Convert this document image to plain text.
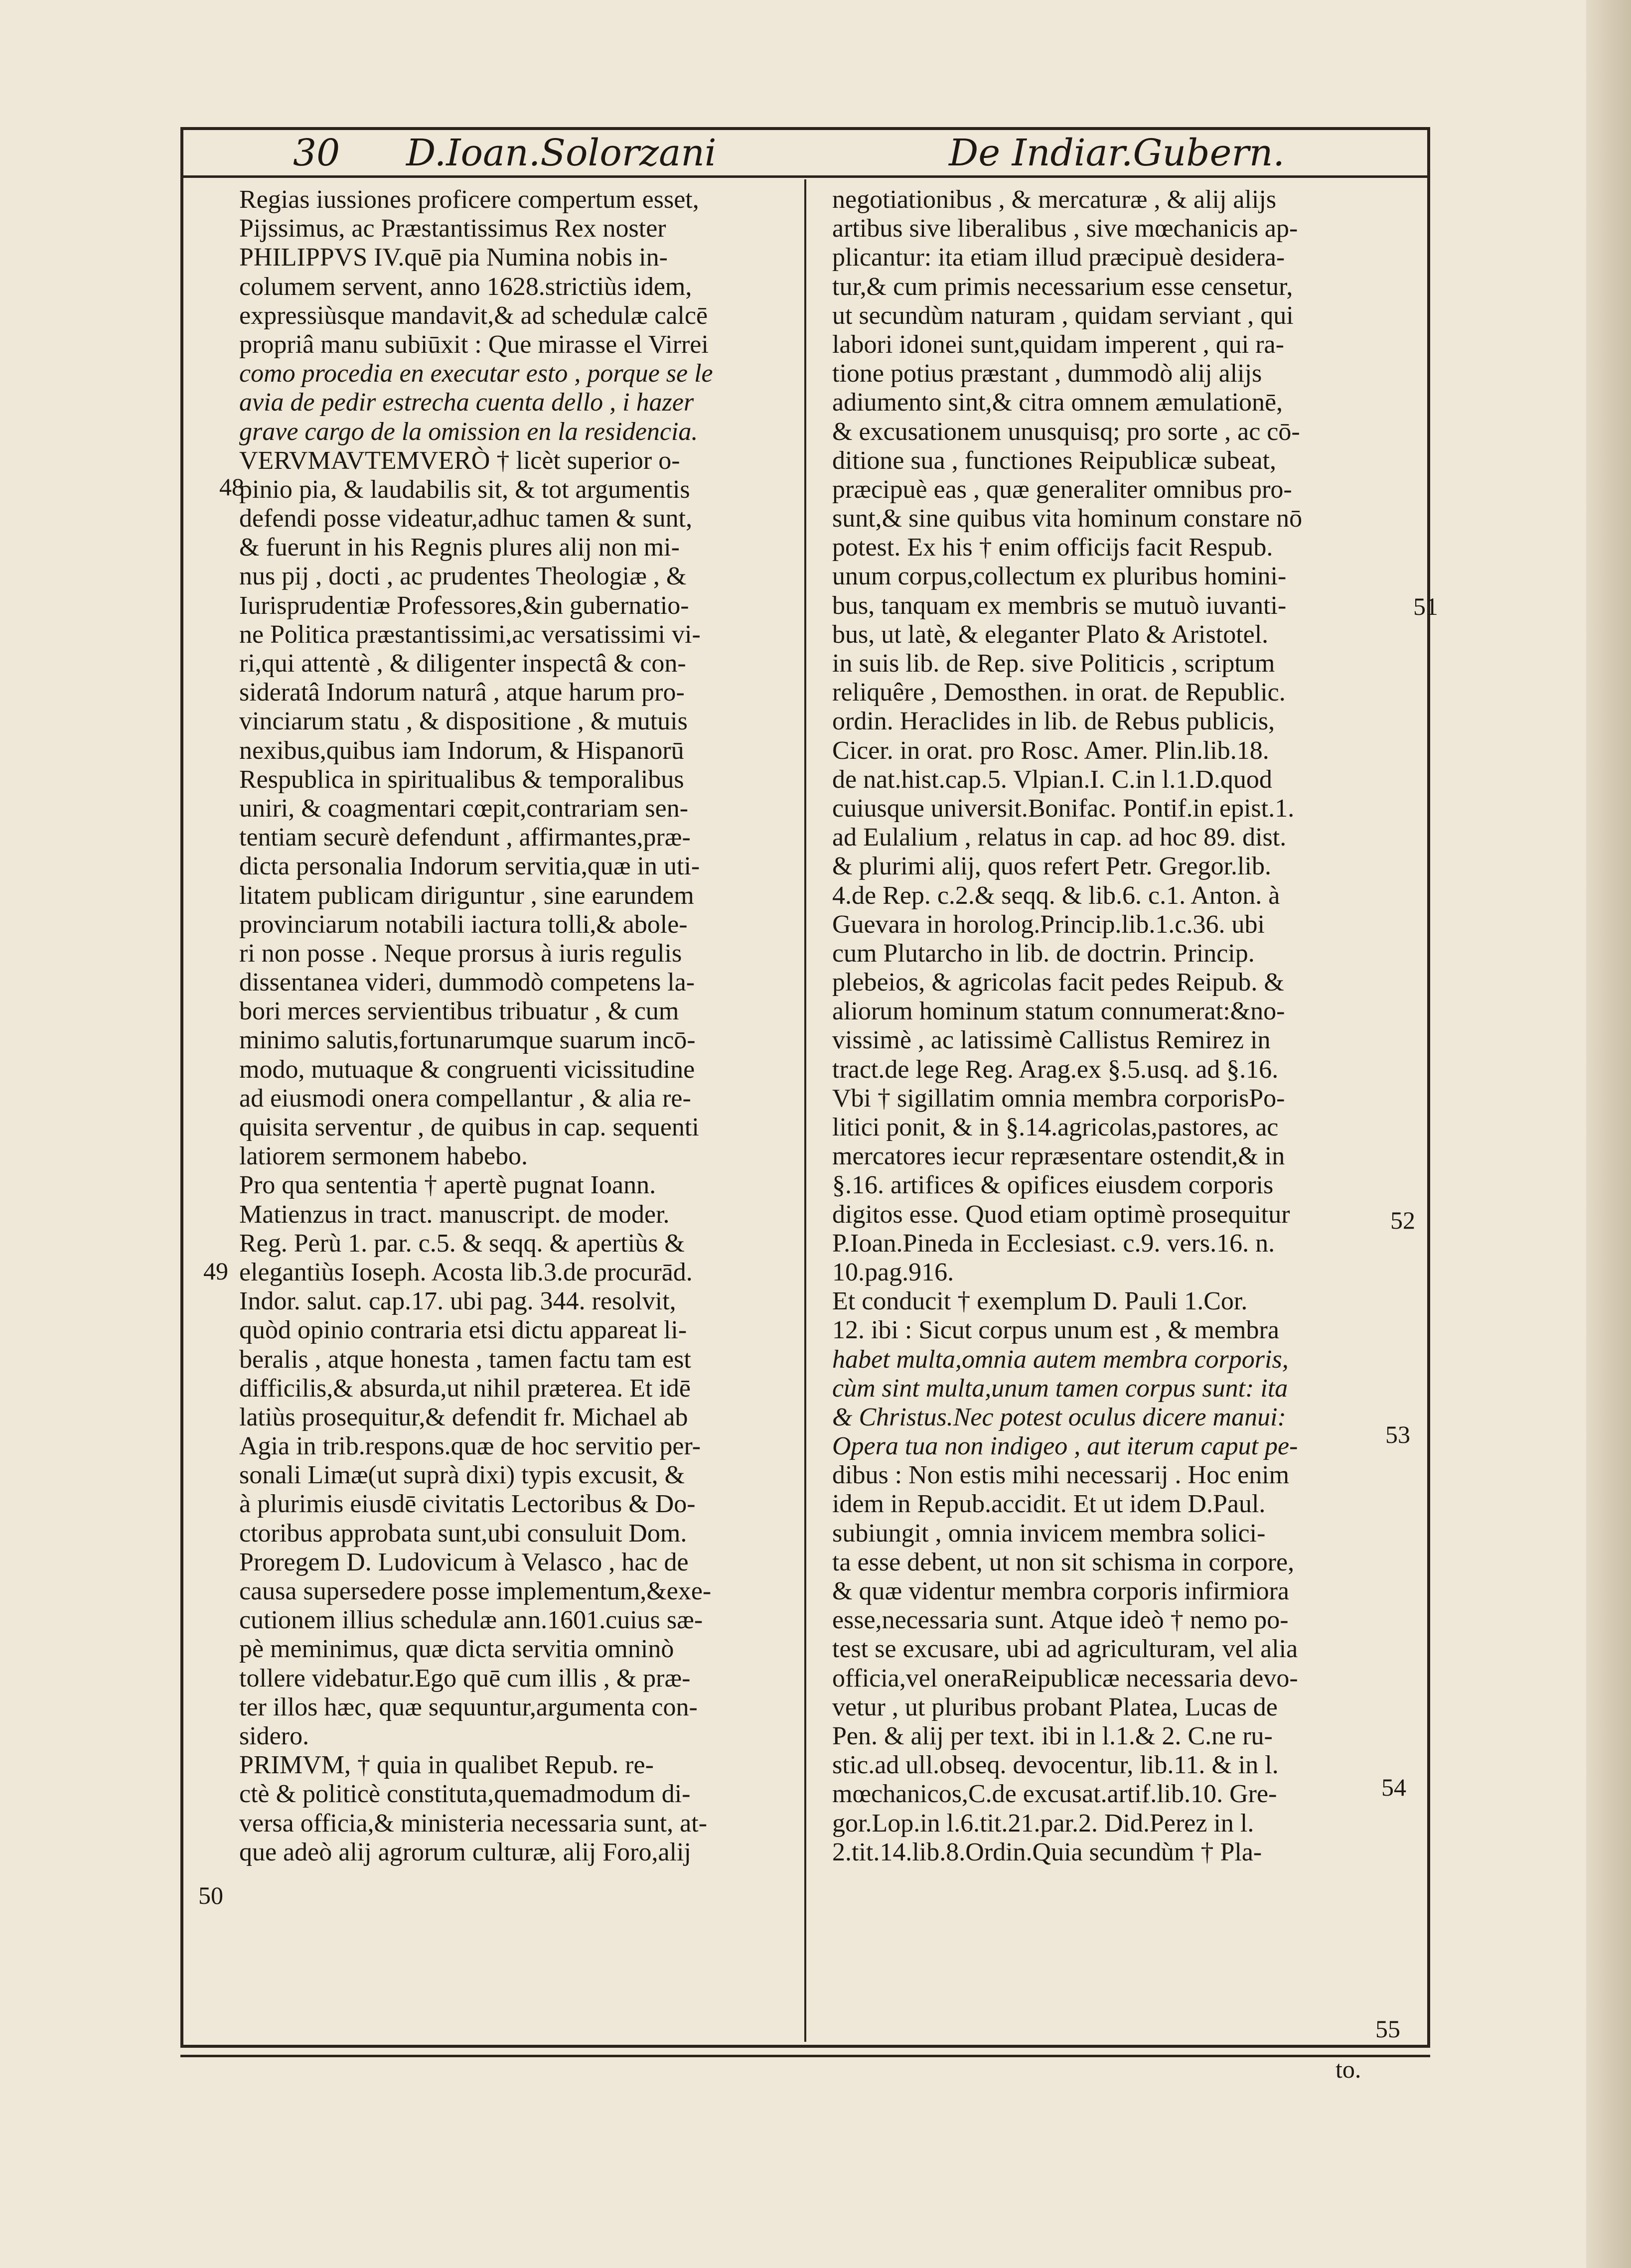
30 D.Ioan.Solorzani	De Indiar.Gubern.
Regias iussiones proficere compertum esset,
Pijssimus, ac Præstantissimus Rex noster
PHILIPPVS IV.quē pia Numina nobis in-
columem servent, anno 1628.strictiùs idem,
expressiùsque mandavit,& ad schedulæ calcē
propriâ manu subiūxit : Que mirasse el Virrei
como procedia en executar esto , porque se le
avia de pedir estrecha cuenta dello , i hazer
grave cargo de la omission en la residencia.
VERVMAVTEMVERÒ † licèt superior o-
pinio pia, & laudabilis sit, & tot argumentis
defendi posse videatur,adhuc tamen & sunt,
& fuerunt in his Regnis plures alij non mi-
nus pij , docti , ac prudentes Theologiæ , &
Iurisprudentiæ Professores,&in gubernatio-
ne Politica præstantissimi,ac versatissimi vi-
ri,qui attentè , & diligenter inspectâ & con-
sideratâ Indorum naturâ , atque harum pro-
vinciarum statu , & dispositione , & mutuis
nexibus,quibus iam Indorum, & Hispanorū
Respublica in spiritualibus & temporalibus
uniri, & coagmentari cœpit,contrariam sen-
tentiam securè defendunt , affirmantes,præ-
dicta personalia Indorum servitia,quæ in uti-
litatem publicam diriguntur , sine earundem
provinciarum notabili iactura tolli,& abole-
ri non posse . Neque prorsus à iuris regulis
dissentanea videri, dummodò competens la-
bori merces servientibus tribuatur , & cum
minimo salutis,fortunarumque suarum incō-
modo, mutuaque & congruenti vicissitudine
ad eiusmodi onera compellantur , & alia re-
quisita serventur , de quibus in cap. sequenti
latiorem sermonem habebo.
Pro qua sententia † apertè pugnat Ioann.
Matienzus in tract. manuscript. de moder.
Reg. Perù 1. par. c.5. & seqq. & apertiùs &
elegantiùs Ioseph. Acosta lib.3.de procurād.
Indor. salut. cap.17. ubi pag. 344. resolvit,
quòd opinio contraria etsi dictu appareat li-
beralis , atque honesta , tamen factu tam est
difficilis,& absurda,ut nihil præterea. Et idē
latiùs prosequitur,& defendit fr. Michael ab
Agia in trib.respons.quæ de hoc servitio per-
sonali Limæ(ut suprà dixi) typis excusit, &
à plurimis eiusdē civitatis Lectoribus & Do-
ctoribus approbata sunt,ubi consuluit Dom.
Proregem D. Ludovicum à Velasco , hac de
causa supersedere posse implementum,&exe-
cutionem illius schedulæ ann.1601.cuius sæ-
pè meminimus, quæ dicta servitia omninò
tollere videbatur.Ego quē cum illis , & præ-
ter illos hæc, quæ sequuntur,argumenta con-
sidero.
PRIMVM, † quia in qualibet Repub. re-
ctè & politicè constituta,quemadmodum di-
versa officia,& ministeria necessaria sunt, at-
que adeò alij agrorum culturæ, alij Foro,alij
negotiationibus , & mercaturæ , & alij alijs
artibus sive liberalibus , sive mœchanicis ap-
plicantur: ita etiam illud præcipuè desidera-
tur,& cum primis necessarium esse censetur,
ut secundùm naturam , quidam serviant , qui
labori idonei sunt,quidam imperent , qui ra-
tione potius præstant , dummodò alij alijs
adiumento sint,& citra omnem æmulationē,
& excusationem unusquisq; pro sorte , ac cō-
ditione sua , functiones Reipublicæ subeat,
præcipuè eas , quæ generaliter omnibus pro-
sunt,& sine quibus vita hominum constare nō
potest. Ex his † enim officijs facit Respub.
unum corpus,collectum ex pluribus homini-
bus, tanquam ex membris se mutuò iuvanti-
bus, ut latè, & eleganter Plato & Aristotel.
in suis lib. de Rep. sive Politicis , scriptum
reliquêre , Demosthen. in orat. de Republic.
ordin. Heraclides in lib. de Rebus publicis,
Cicer. in orat. pro Rosc. Amer. Plin.lib.18.
de nat.hist.cap.5. Vlpian.I. C.in l.1.D.quod
cuiusque universit.Bonifac. Pontif.in epist.1.
ad Eulalium , relatus in cap. ad hoc 89. dist.
& plurimi alij, quos refert Petr. Gregor.lib.
4.de Rep. c.2.& seqq. & lib.6. c.1. Anton. à
Guevara in horolog.Princip.lib.1.c.36. ubi
cum Plutarcho in lib. de doctrin. Princip.
plebeios, & agricolas facit pedes Reipub. &
aliorum hominum statum connumerat:&no-
vissimè , ac latissimè Callistus Remirez in
tract.de lege Reg. Arag.ex §.5.usq. ad §.16.
Vbi † sigillatim omnia membra corporisPo-
litici ponit, & in §.14.agricolas,pastores, ac
mercatores iecur repræsentare ostendit,& in
§.16. artifices & opifices eiusdem corporis
digitos esse. Quod etiam optimè prosequitur
P.Ioan.Pineda in Ecclesiast. c.9. vers.16. n.
10.pag.916.
Et conducit † exemplum D. Pauli 1.Cor.
12. ibi : Sicut corpus unum est , & membra
habet multa,omnia autem membra corporis,
cùm sint multa,unum tamen corpus sunt: ita
& Christus.Nec potest oculus dicere manui:
Opera tua non indigeo , aut iterum caput pe-
dibus : Non estis mihi necessarij . Hoc enim
idem in Repub.accidit. Et ut idem D.Paul.
subiungit , omnia invicem membra solici-
ta esse debent, ut non sit schisma in corpore,
& quæ videntur membra corporis infirmiora
esse,necessaria sunt. Atque ideò † nemo po-
test se excusare, ubi ad agriculturam, vel alia
officia,vel oneraReipublicæ necessaria devo-
vetur , ut pluribus probant Platea, Lucas de
Pen. & alij per text. ibi in l.1.& 2. C.ne ru-
stic.ad ull.obseq. devocentur, lib.11. & in l.
mœchanicos,C.de excusat.artif.lib.10. Gre-
gor.Lop.in l.6.tit.21.par.2. Did.Perez in l.
2.tit.14.lib.8.Ordin.Quia secundùm † Pla-
48
49
50
51
52
53
54
55
to.
